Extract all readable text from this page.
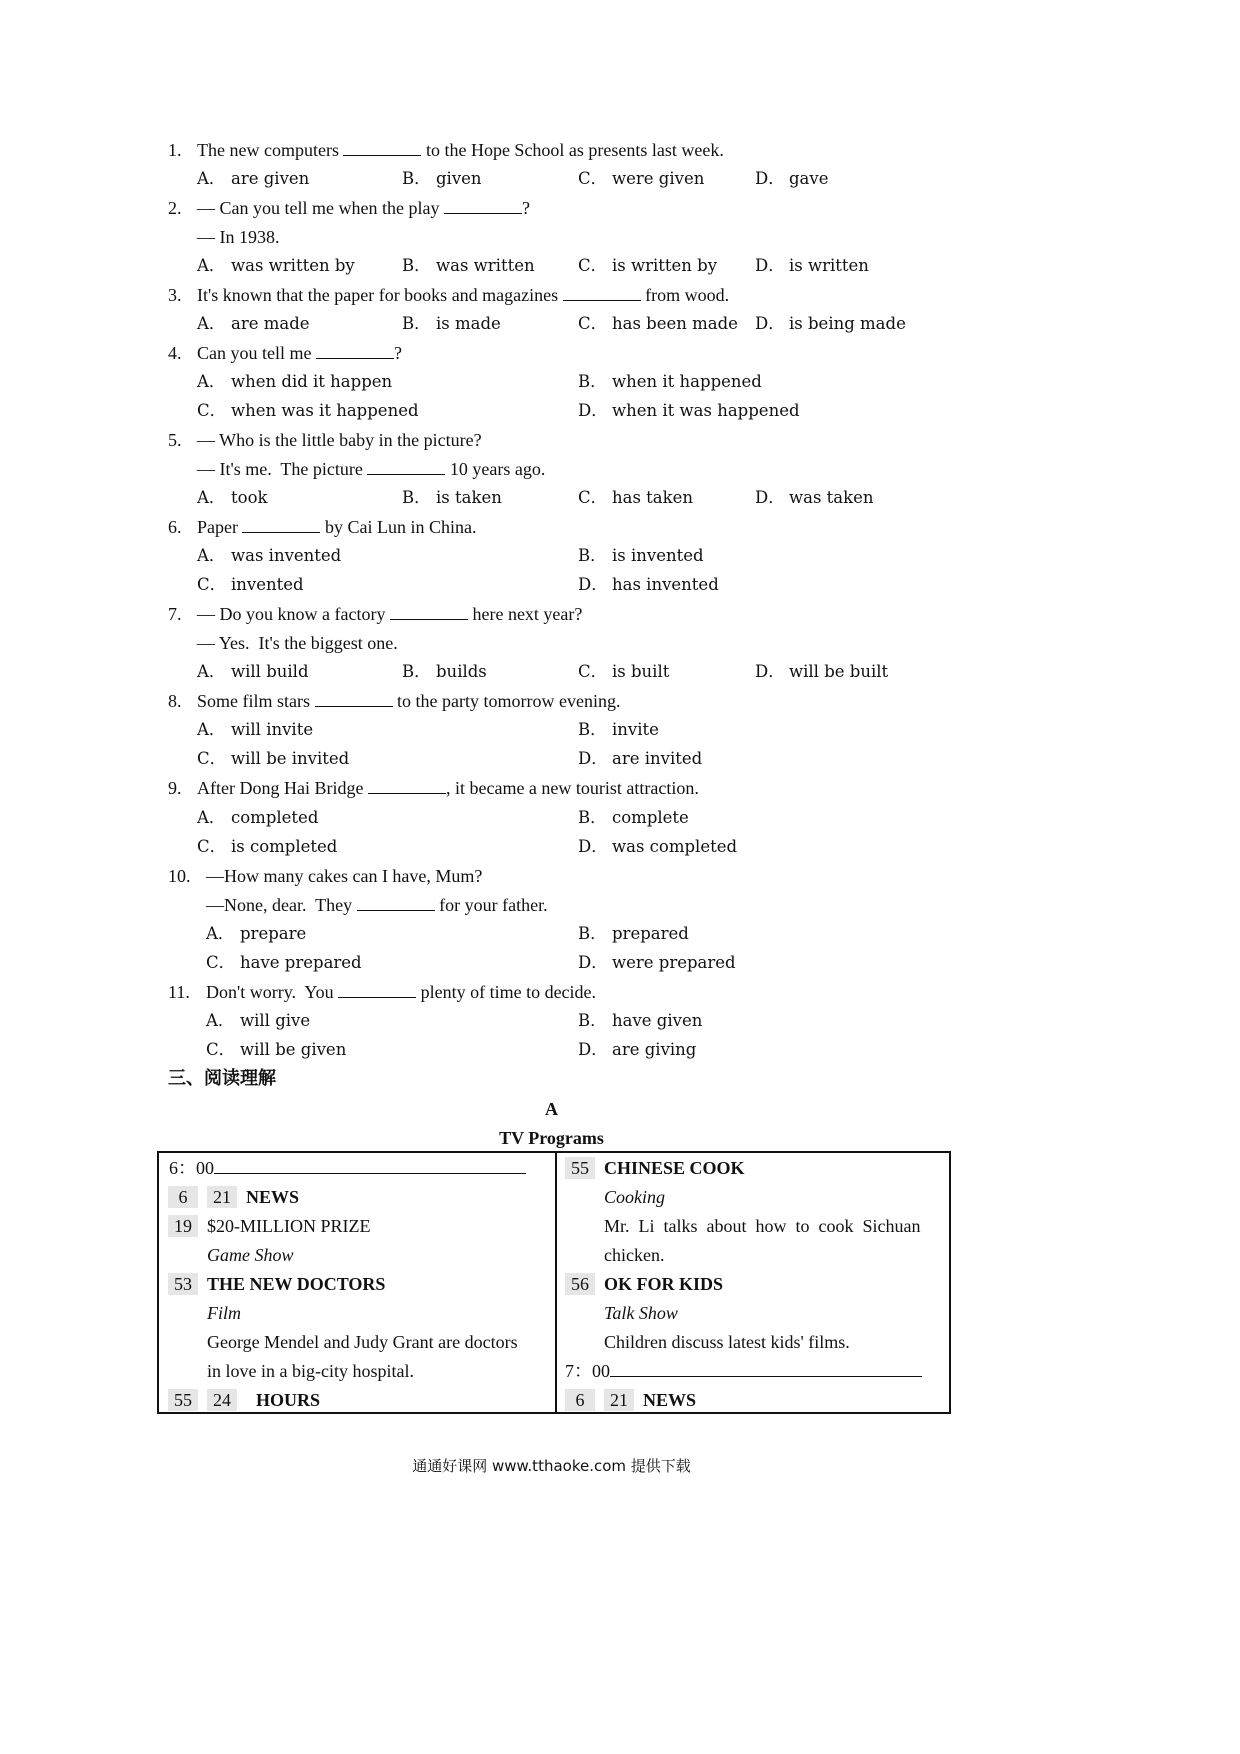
1. The new computers	to the Hope School as presents last week.
A． are given	B． given	C． were given	D． gave
2. — Can you tell me when the play	?
— In 1938.
A． was written by	B． was written	C． is written by D． is written
3. It's known that the paper for books and magazines	from wood.
A． are made	B． is made	C． has been made D． is being made
4. Can you tell me	?
A． when did it happen	B． when it happened
C． when was it happened	D． when it was happened
5. — Who is the little baby in the picture?
— It's me.  The picture	10 years ago.
A． took	B． is taken	C． has taken	D． was taken
6. Paper	by Cai Lun in China.
A． was invented	B． is invented
C． invented	D． has invented
7. — Do you know a factory	here next year?
— Yes.  It's the biggest one.
A． will build	B． builds	C． is built	D． will be built
8. Some film stars	to the party tomorrow evening.
A． will invite	B． invite
C． will be invited	D． are invited
9. After Dong Hai Bridge	, it became a new tourist attraction.
A． completed	B． complete
C． is completed	D． was completed
10. —How many cakes can I have, Mum?
—None, dear.  They	for your father.
A． prepare	B． prepared
C． have prepared	D． were prepared
11. Don't worry.  You	plenty of time to decide.
A． will give	B． have given
C． will be given	D． are giving
三、阅读理解
A
TV Programs
6：00
6	21 NEWS
19 $20-MILLION PRIZE
Game Show
53 THE NEW DOCTORS
Film
George Mendel and Judy Grant are doctors
in love in a big-city hospital.
55	24	HOURS
55 CHINESE COOK
Cooking
Mr.  Li  talks  about  how  to  cook  Sichuan
chicken.
56 OK FOR KIDS
Talk Show
Children discuss latest kids' films.
7：00
6	21 NEWS
通通好课网 www.tthaoke.com 提供下载
